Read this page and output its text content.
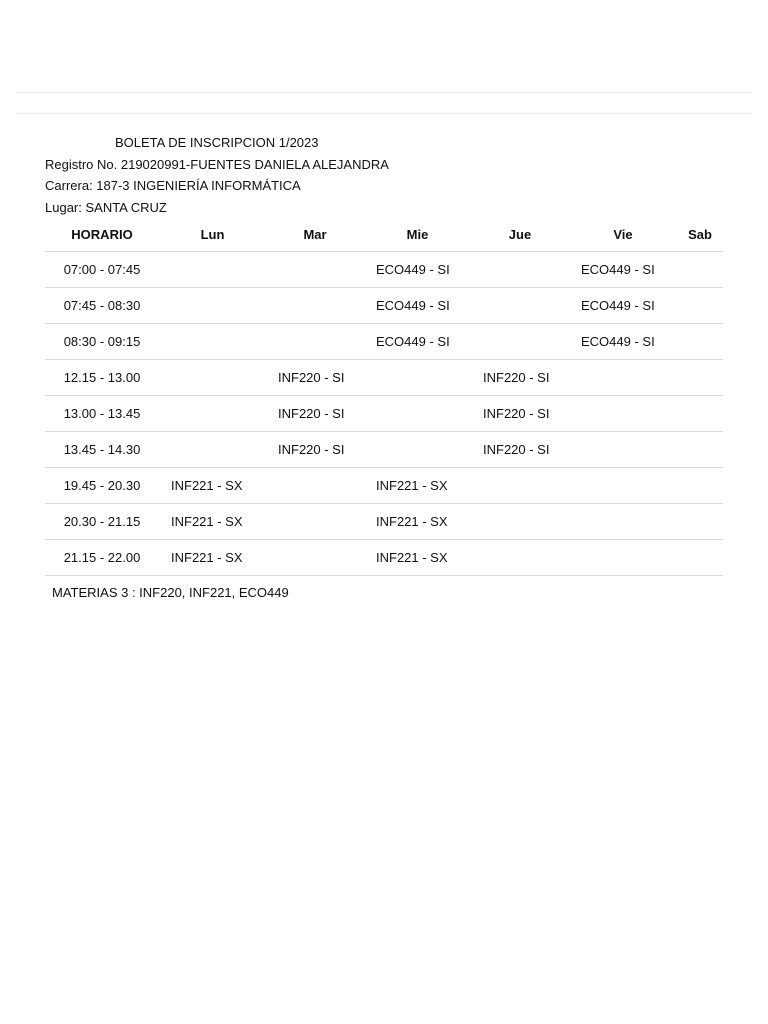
BOLETA DE INSCRIPCION 1/2023
Registro No. 219020991-FUENTES DANIELA ALEJANDRA
Carrera: 187-3 INGENIERÍA INFORMÁTICA
Lugar: SANTA CRUZ
HORARIO	Lun	Mar	Mie	Jue	Vie	Sab
07:00 - 07:45			ECO449 - SI		ECO449 - SI	
07:45 - 08:30			ECO449 - SI		ECO449 - SI	
08:30 - 09:15			ECO449 - SI		ECO449 - SI	
12.15 - 13.00		INF220 - SI		INF220 - SI		
13.00 - 13.45		INF220 - SI		INF220 - SI		
13.45 - 14.30		INF220 - SI		INF220 - SI		
19.45 - 20.30	INF221 - SX		INF221 - SX			
20.30 - 21.15	INF221 - SX		INF221 - SX			
21.15 - 22.00	INF221 - SX		INF221 - SX			
MATERIAS 3 : INF220, INF221, ECO449
